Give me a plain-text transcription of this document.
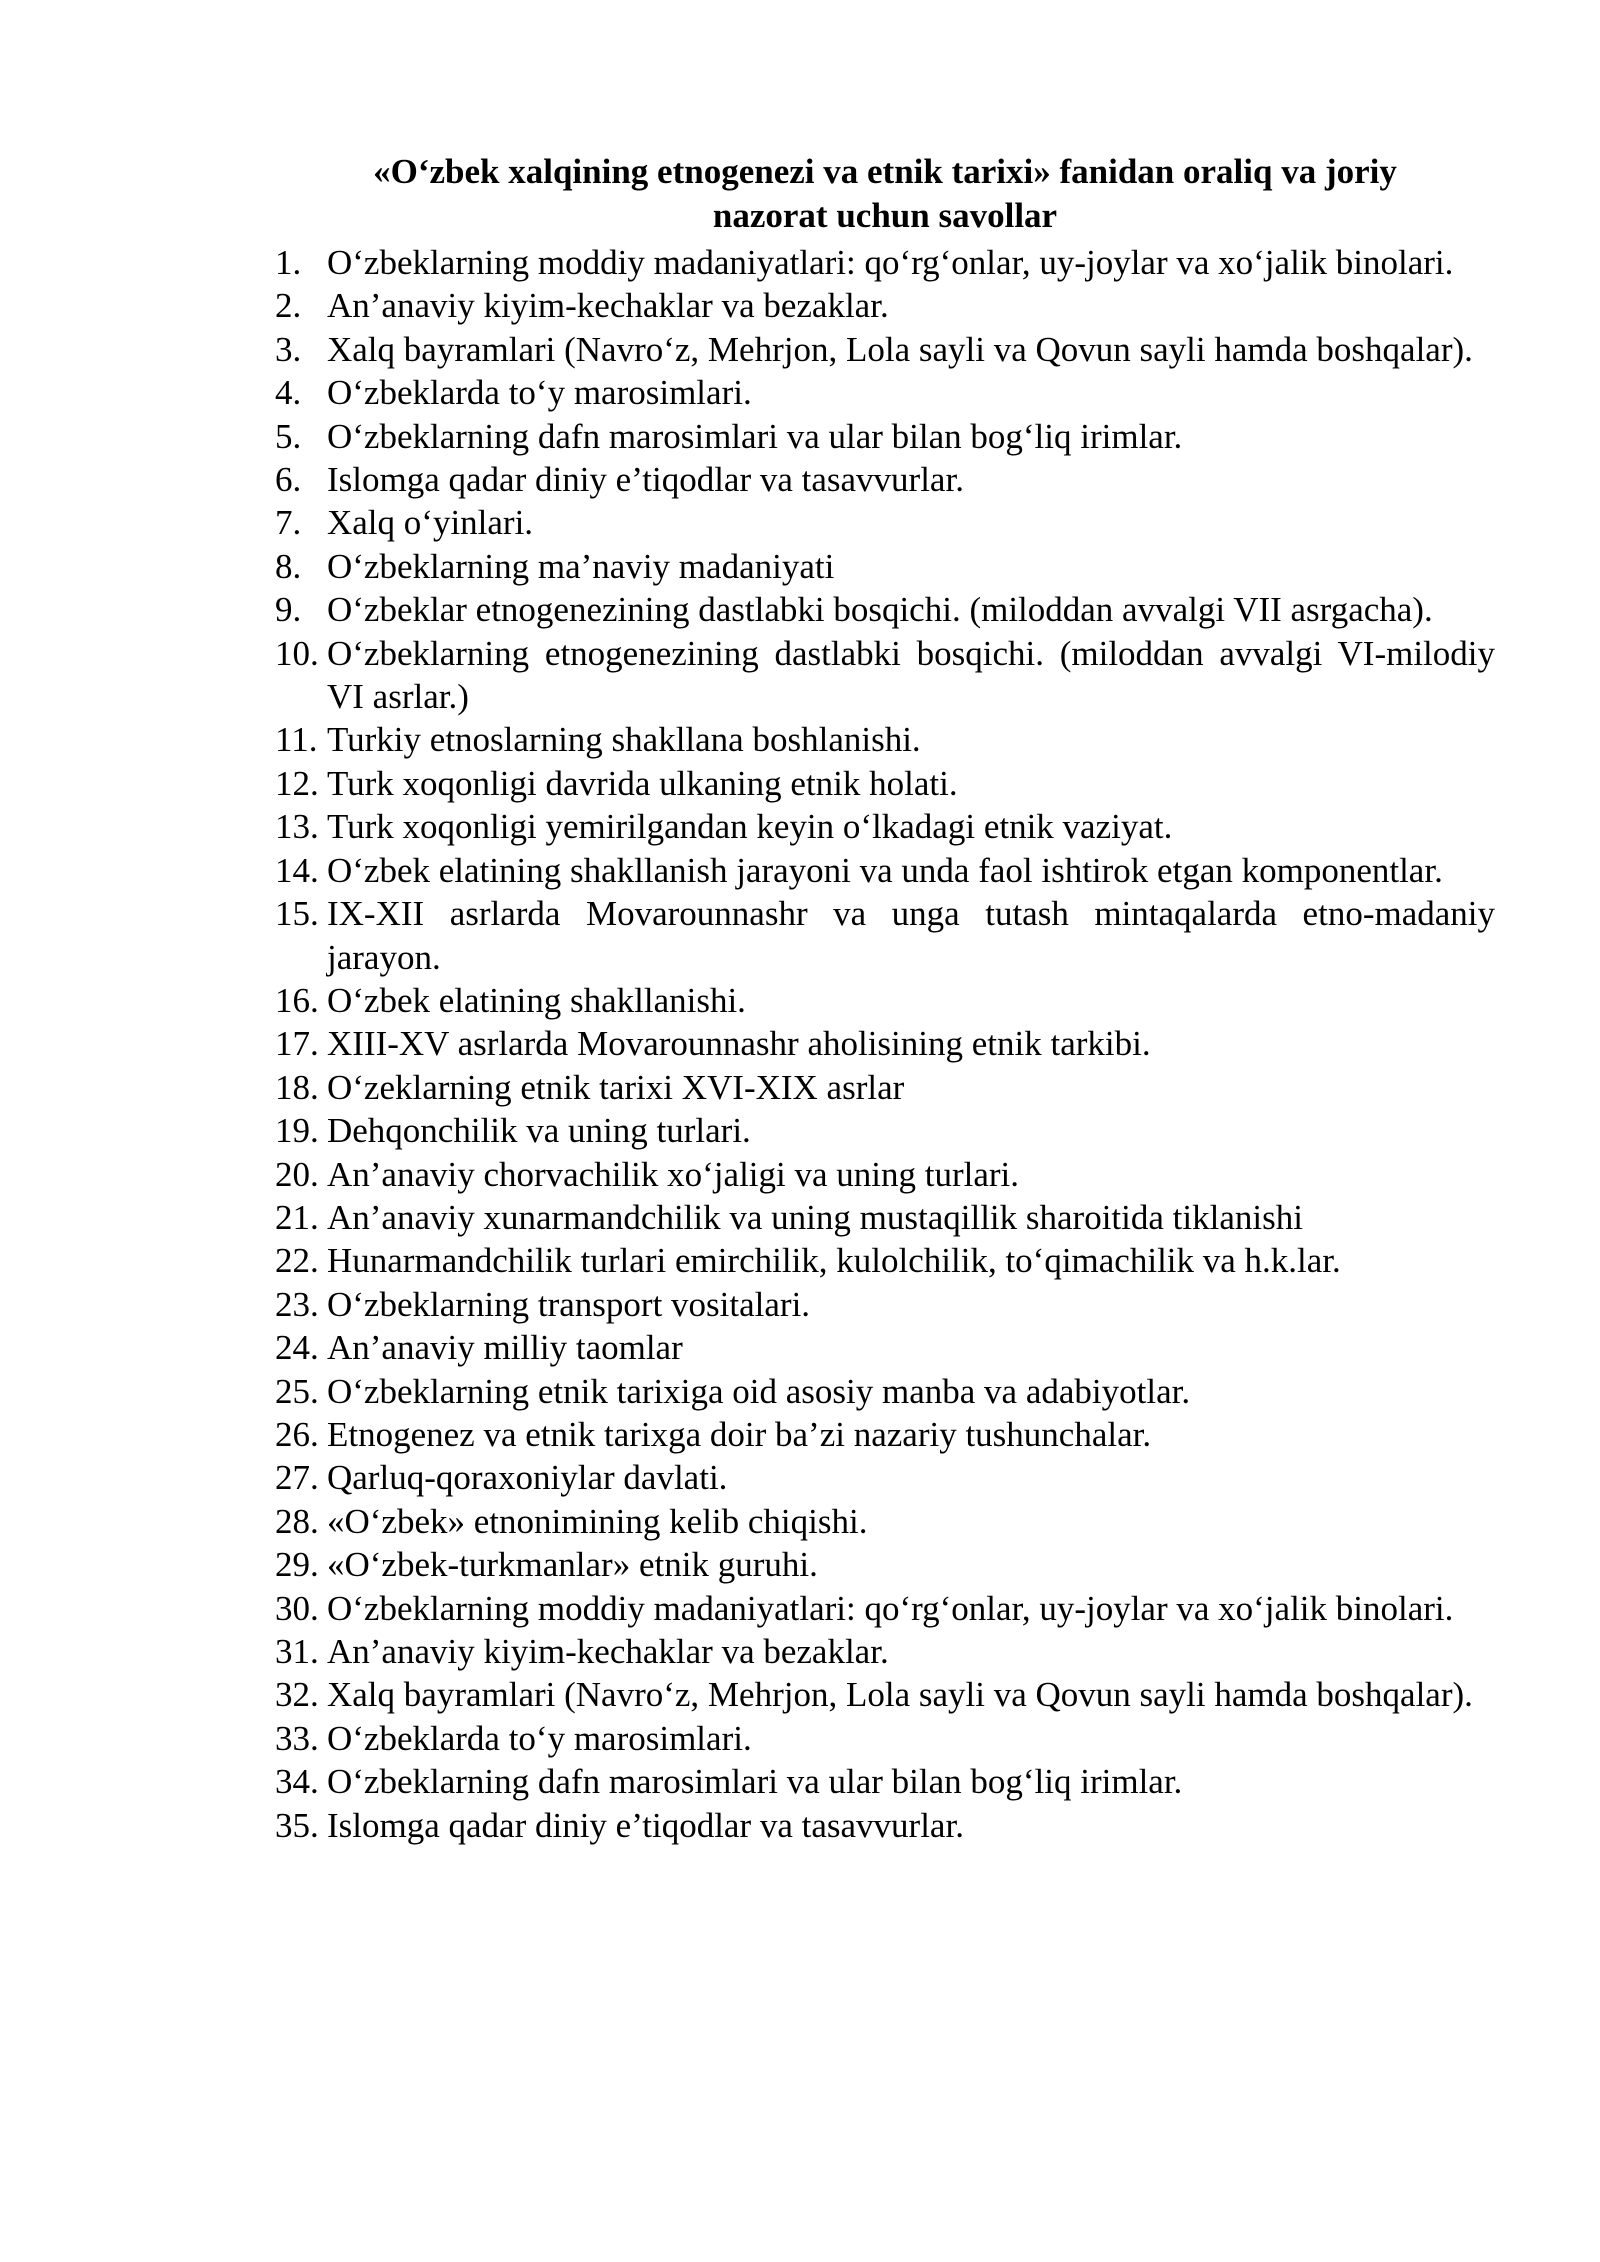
«O‘zbek xalqining etnogenezi va etnik tarixi» fanidan oraliq va joriy
nazorat uchun savollar
1. O‘zbeklarning moddiy madaniyatlari: qo‘rg‘onlar, uy-joylar va xo‘jalik binolari.
2. An’anaviy kiyim-kechaklar va bezaklar.
3. Xalq bayramlari (Navro‘z, Mehrjon, Lola sayli va Qovun sayli hamda boshqalar).
4. O‘zbeklarda to‘y marosimlari.
5. O‘zbeklarning dafn marosimlari va ular bilan bog‘liq irimlar.
6. Islomga qadar diniy e’tiqodlar va tasavvurlar.
7. Xalq o‘yinlari.
8. O‘zbeklarning ma’naviy madaniyati
9. O‘zbeklar etnogenezining dastlabki bosqichi. (miloddan avvalgi VII asrgacha).
10. O‘zbeklarning etnogenezining dastlabki bosqichi. (miloddan avvalgi VI-milodiy VI asrlar.)
11. Turkiy etnoslarning shakllana boshlanishi.
12. Turk xoqonligi davrida ulkaning etnik holati.
13. Turk xoqonligi yemirilgandan keyin o‘lkadagi etnik vaziyat.
14. O‘zbek elatining shakllanish jarayoni va unda faol ishtirok etgan komponentlar.
15. IX-XII asrlarda Movarounnashr va unga tutash mintaqalarda etno-madaniy jarayon.
16. O‘zbek elatining shakllanishi.
17. XIII-XV asrlarda Movarounnashr aholisining etnik tarkibi.
18. O‘zeklarning etnik tarixi XVI-XIX asrlar
19. Dehqonchilik va uning turlari.
20. An’anaviy chorvachilik xo‘jaligi va uning turlari.
21. An’anaviy xunarmandchilik va uning mustaqillik sharoitida tiklanishi
22. Hunarmandchilik turlari emirchilik, kulolchilik, to‘qimachilik va h.k.lar.
23. O‘zbeklarning transport vositalari.
24. An’anaviy milliy taomlar
25. O‘zbeklarning etnik tarixiga oid asosiy manba va adabiyotlar.
26. Etnogenez va etnik tarixga doir ba’zi nazariy tushunchalar.
27. Qarluq-qoraxoniylar davlati.
28. «O‘zbek» etnonimining kelib chiqishi.
29. «O‘zbek-turkmanlar» etnik guruhi.
30. O‘zbeklarning moddiy madaniyatlari: qo‘rg‘onlar, uy-joylar va xo‘jalik binolari.
31. An’anaviy kiyim-kechaklar va bezaklar.
32. Xalq bayramlari (Navro‘z, Mehrjon, Lola sayli va Qovun sayli hamda boshqalar).
33. O‘zbeklarda to‘y marosimlari.
34. O‘zbeklarning dafn marosimlari va ular bilan bog‘liq irimlar.
35. Islomga qadar diniy e’tiqodlar va tasavvurlar.
